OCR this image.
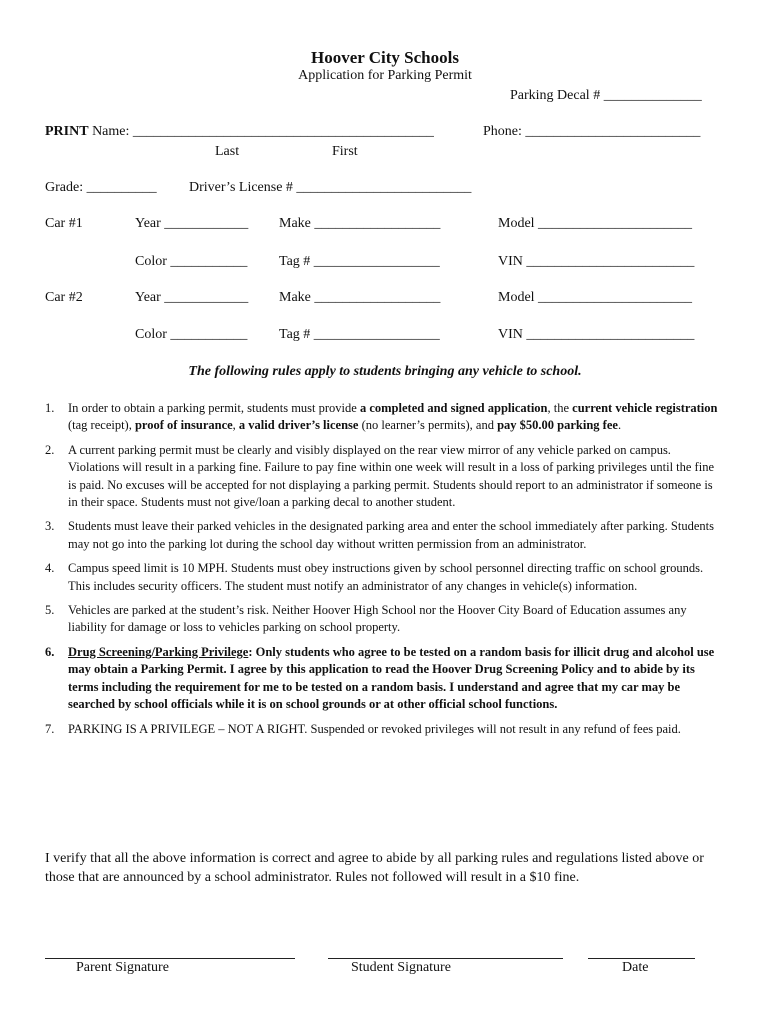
Hoover City Schools
Application for Parking Permit
Parking Decal # ______________
PRINT Name: ___________________________________________	Phone: _________________________
Last	First
Grade: __________ Driver’s License # _________________________
Car #1	Year ____________ Make __________________	Model ______________________
Color ___________ Tag # __________________	VIN ________________________
Car #2	Year ____________ Make __________________	Model ______________________
Color ___________ Tag # __________________	VIN ________________________
The following rules apply to students bringing any vehicle to school.
1. In order to obtain a parking permit, students must provide a completed and signed application, the current vehicle registration (tag receipt), proof of insurance, a valid driver’s license (no learner’s permits), and pay $50.00 parking fee.
2. A current parking permit must be clearly and visibly displayed on the rear view mirror of any vehicle parked on campus. Violations will result in a parking fine. Failure to pay fine within one week will result in a loss of parking privileges until the fine is paid. No excuses will be accepted for not displaying a parking permit. Students should report to an administrator if someone is in their space. Students must not give/loan a parking decal to another student.
3. Students must leave their parked vehicles in the designated parking area and enter the school immediately after parking. Students may not go into the parking lot during the school day without written permission from an administrator.
4. Campus speed limit is 10 MPH. Students must obey instructions given by school personnel directing traffic on school grounds. This includes security officers. The student must notify an administrator of any changes in vehicle(s) information.
5. Vehicles are parked at the student’s risk. Neither Hoover High School nor the Hoover City Board of Education assumes any liability for damage or loss to vehicles parking on school property.
6. Drug Screening/Parking Privilege: Only students who agree to be tested on a random basis for illicit drug and alcohol use may obtain a Parking Permit. I agree by this application to read the Hoover Drug Screening Policy and to abide by its terms including the requirement for me to be tested on a random basis. I understand and agree that my car may be searched by school officials while it is on school grounds or at other official school functions.
7. PARKING IS A PRIVILEGE – NOT A RIGHT. Suspended or revoked privileges will not result in any refund of fees paid.
I verify that all the above information is correct and agree to abide by all parking rules and regulations listed above or those that are announced by a school administrator. Rules not followed will result in a $10 fine.
Parent Signature	Student Signature	Date
